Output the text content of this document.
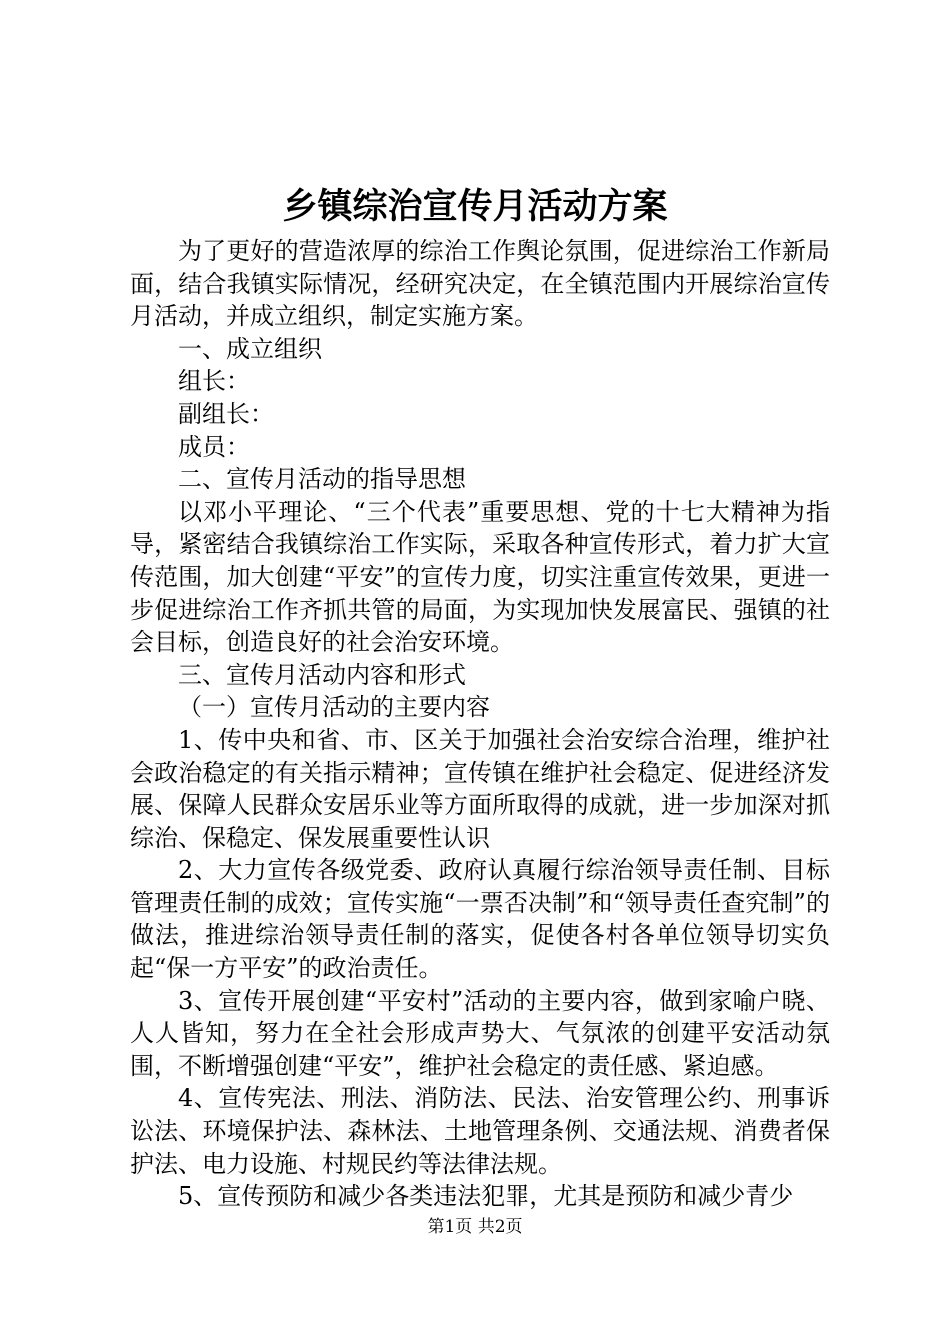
乡镇综治宣传月活动方案

为了更好的营造浓厚的综治工作舆论氛围，促进综治工作新局面，结合我镇实际情况，经研究决定，在全镇范围内开展综治宣传月活动，并成立组织，制定实施方案。

一、成立组织

组长：

副组长：

成员：

二、宣传月活动的指导思想

以邓小平理论、“三个代表”重要思想、党的十七大精神为指导，紧密结合我镇综治工作实际，采取各种宣传形式，着力扩大宣传范围，加大创建“平安”的宣传力度，切实注重宣传效果，更进一步促进综治工作齐抓共管的局面，为实现加快发展富民、强镇的社会目标，创造良好的社会治安环境。

三、宣传月活动内容和形式

（一）宣传月活动的主要内容

1、传中央和省、市、区关于加强社会治安综合治理，维护社会政治稳定的有关指示精神；宣传镇在维护社会稳定、促进经济发展、保障人民群众安居乐业等方面所取得的成就，进一步加深对抓综治、保稳定、保发展重要性认识

2、大力宣传各级党委、政府认真履行综治领导责任制、目标管理责任制的成效；宣传实施“一票否决制”和“领导责任查究制”的做法，推进综治领导责任制的落实，促使各村各单位领导切实负起“保一方平安”的政治责任。

3、宣传开展创建“平安村”活动的主要内容，做到家喻户晓、人人皆知，努力在全社会形成声势大、气氛浓的创建平安活动氛围，不断增强创建“平安”，维护社会稳定的责任感、紧迫感。

4、宣传宪法、刑法、消防法、民法、治安管理公约、刑事诉讼法、环境保护法、森林法、土地管理条例、交通法规、消费者保护法、电力设施、村规民约等法律法规。

5、宣传预防和减少各类违法犯罪，尤其是预防和减少青少

第1页 共2页
